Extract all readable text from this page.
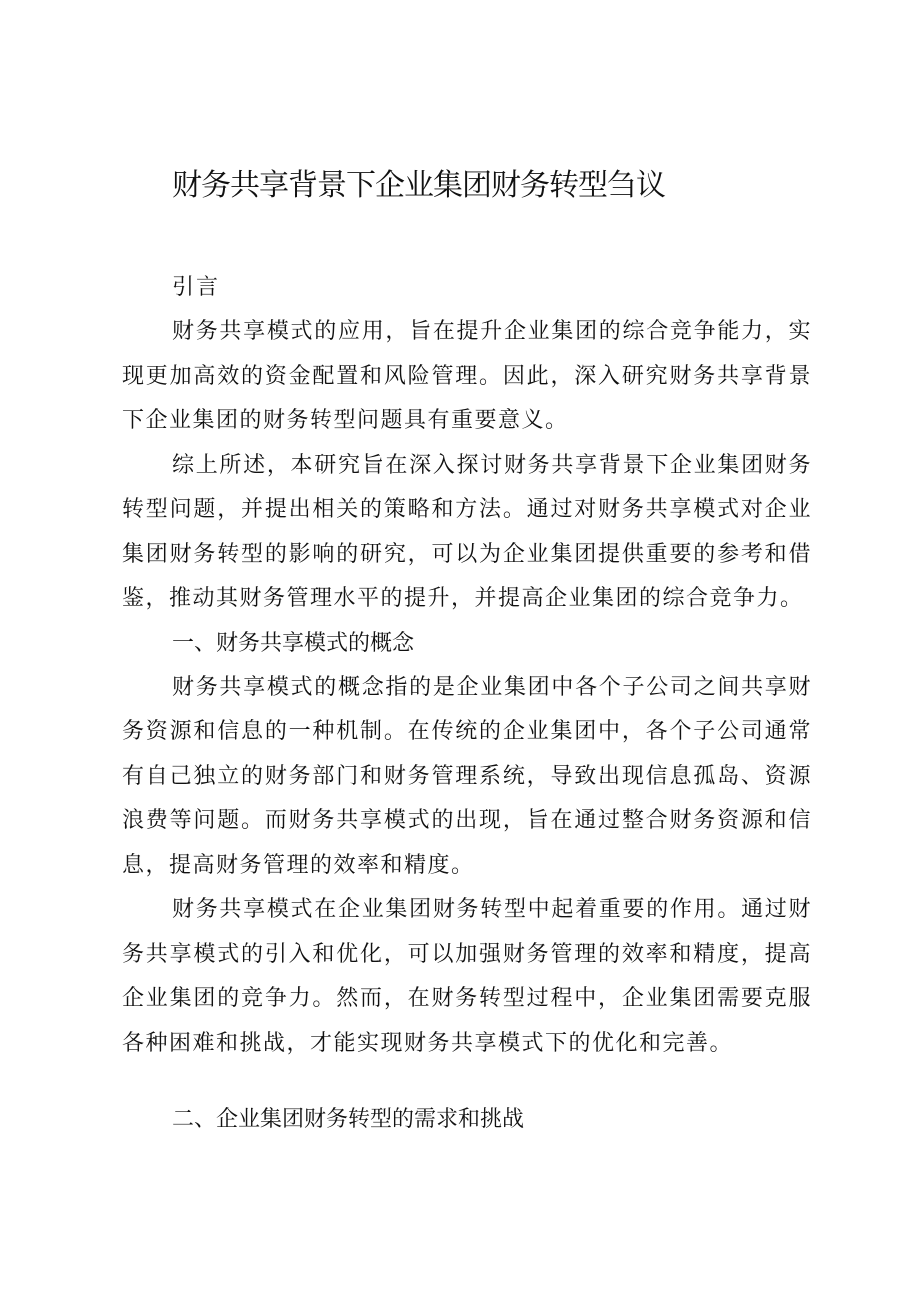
财务共享背景下企业集团财务转型刍议

引言

财务共享模式的应用，旨在提升企业集团的综合竞争能力，实现更加高效的资金配置和风险管理。因此，深入研究财务共享背景下企业集团的财务转型问题具有重要意义。

综上所述，本研究旨在深入探讨财务共享背景下企业集团财务转型问题，并提出相关的策略和方法。通过对财务共享模式对企业集团财务转型的影响的研究，可以为企业集团提供重要的参考和借鉴，推动其财务管理水平的提升，并提高企业集团的综合竞争力。

一、财务共享模式的概念

财务共享模式的概念指的是企业集团中各个子公司之间共享财务资源和信息的一种机制。在传统的企业集团中，各个子公司通常有自己独立的财务部门和财务管理系统，导致出现信息孤岛、资源浪费等问题。而财务共享模式的出现，旨在通过整合财务资源和信息，提高财务管理的效率和精度。

财务共享模式在企业集团财务转型中起着重要的作用。通过财务共享模式的引入和优化，可以加强财务管理的效率和精度，提高企业集团的竞争力。然而，在财务转型过程中，企业集团需要克服各种困难和挑战，才能实现财务共享模式下的优化和完善。

二、企业集团财务转型的需求和挑战
